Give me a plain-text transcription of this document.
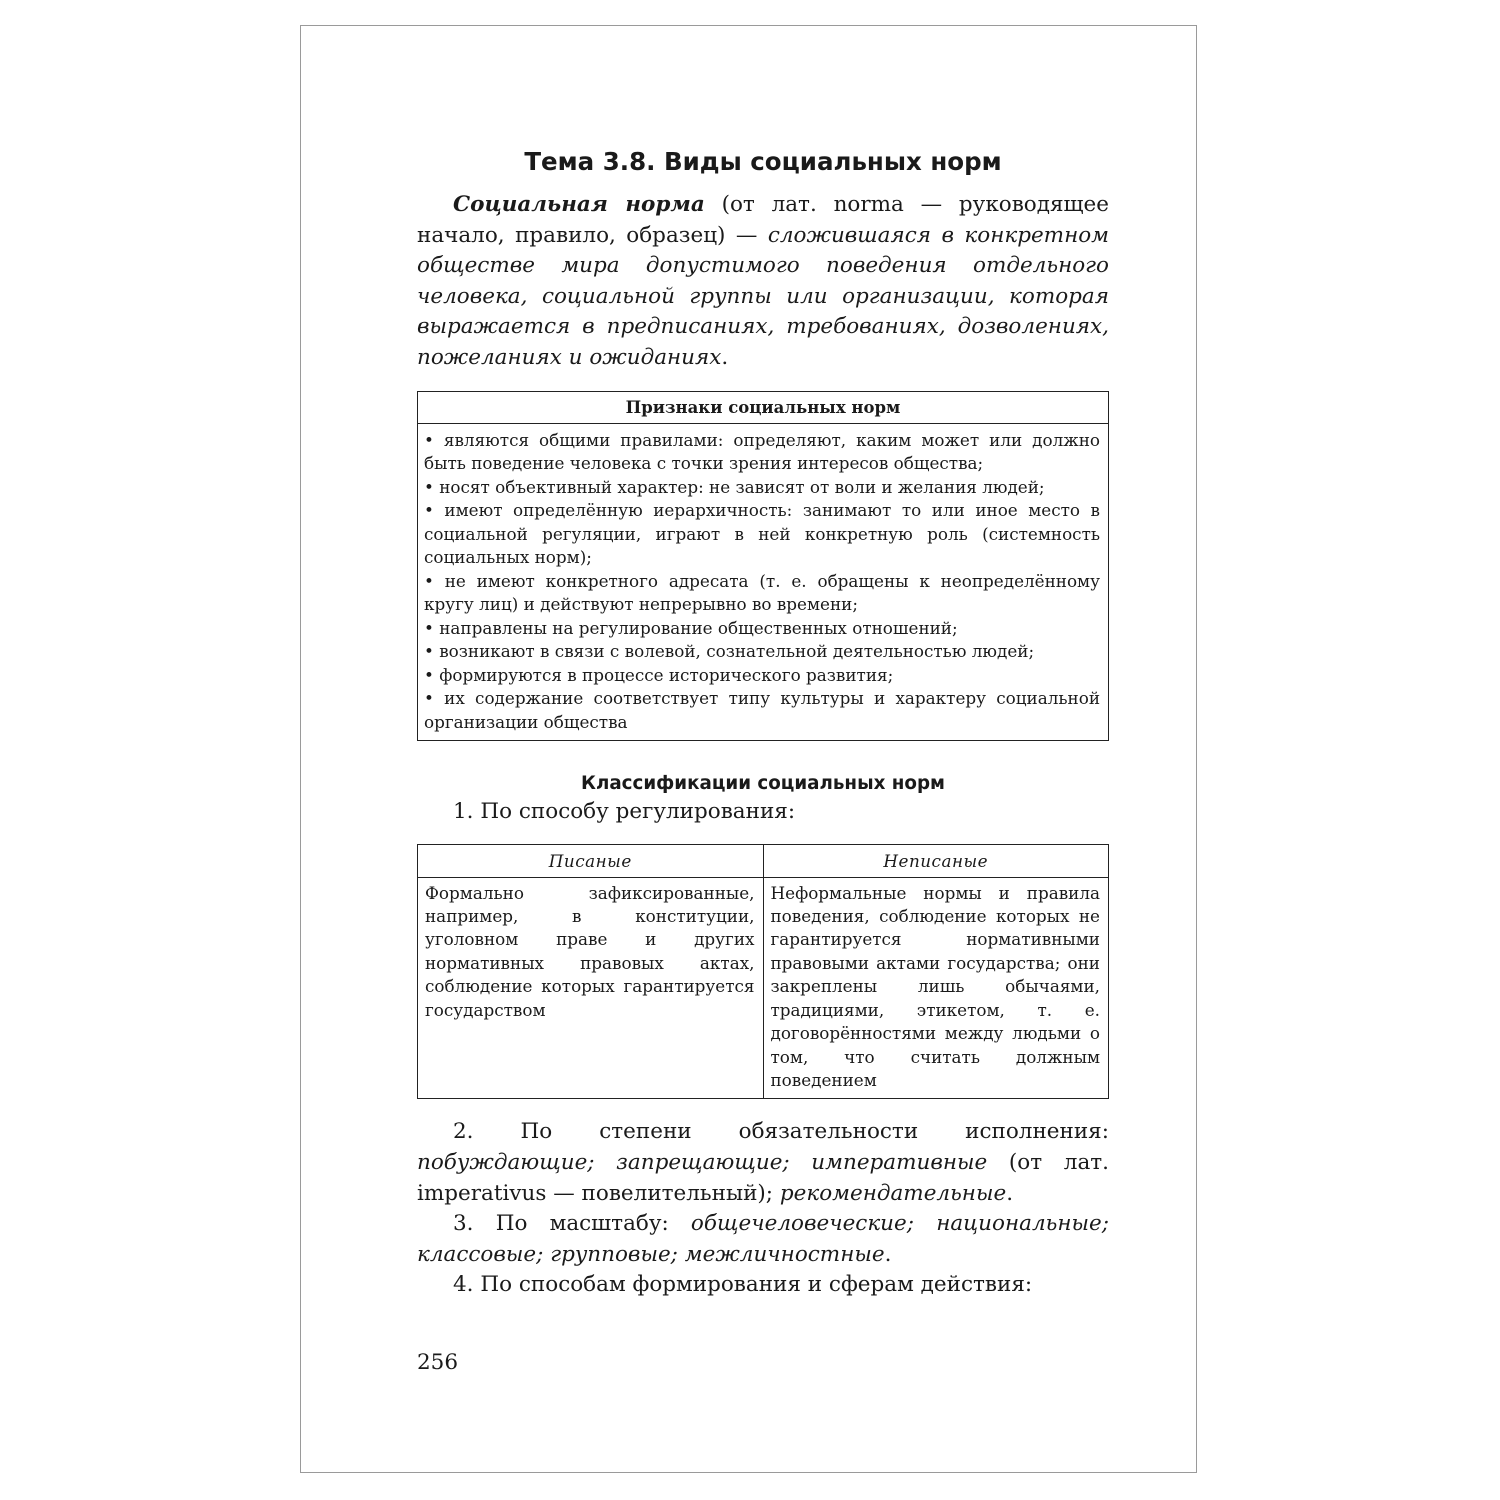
Тема 3.8. Виды социальных норм

Социальная норма (от лат. norma — руководящее начало, правило, образец) — сложившаяся в конкретном обществе мира допустимого поведения отдельного человека, социальной группы или организации, которая выражается в предписаниях, требованиях, дозволениях, пожеланиях и ожиданиях.

Признаки социальных норм

• являются общими правилами: определяют, каким может или должно быть поведение человека с точки зрения интересов общества;
• носят объективный характер: не зависят от воли и желания людей;
• имеют определённую иерархичность: занимают то или иное место в социальной регуляции, играют в ней конкретную роль (системность социальных норм);
• не имеют конкретного адресата (т. е. обращены к неопределённому кругу лиц) и действуют непрерывно во времени;
• направлены на регулирование общественных отношений;
• возникают в связи с волевой, сознательной деятельностью людей;
• формируются в процессе исторического развития;
• их содержание соответствует типу культуры и характеру социальной организации общества
Классификации социальных норм

1. По способу регулирования:

Писаные	Неписаные
Формально зафиксированные, например, в конституции, уголовном праве и других нормативных правовых актах, соблюдение которых гарантируется государством	Неформальные нормы и правила поведения, соблюдение которых не гарантируется нормативными правовыми актами государства; они закреплены лишь обычаями, традициями, этикетом, т. е. договорённостями между людьми о том, что считать должным поведением

2. По степени обязательности исполнения: побуждающие; запрещающие; императивные (от лат. imperativus — повелительный); рекомендательные.

3. По масштабу: общечеловеческие; национальные; классовые; групповые; межличностные.

4. По способам формирования и сферам действия:

256
